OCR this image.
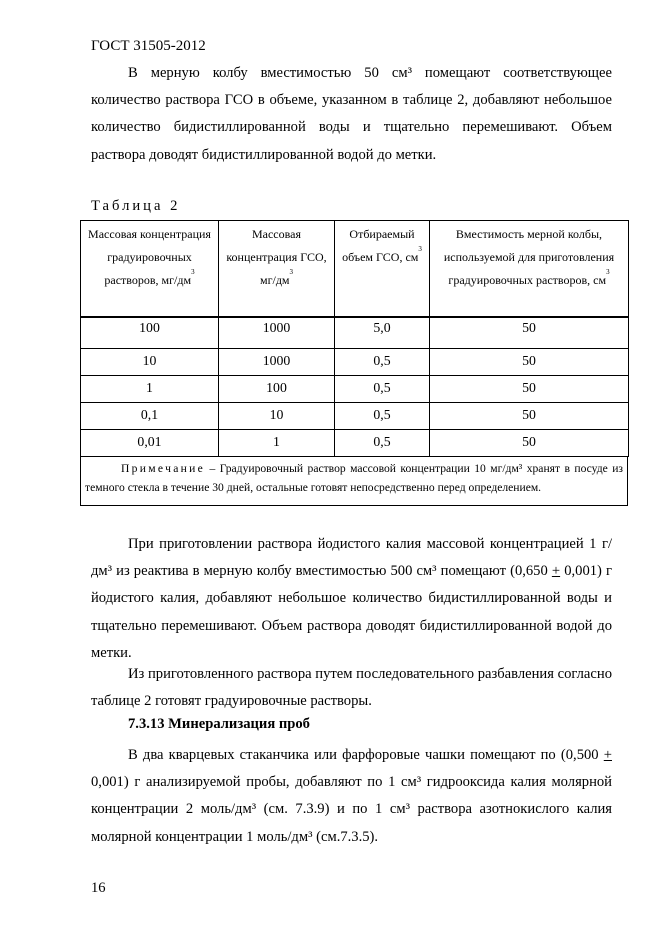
ГОСТ 31505-2012

В мерную колбу вместимостью 50 см³ помещают соответствующее количество раствора ГСО в объеме, указанном в таблице 2, добавляют небольшое количество бидистиллированной воды и тщательно перемешивают. Объем раствора доводят бидистиллированной водой до метки.

Таблица 2
Массовая концентрация градуировочных растворов, $мг/дм^3$	Массовая концентрация ГСО, $мг/дм^3$	Отбираемый объем ГСО, $см^3$	Вместимость мерной колбы, используемой для приготовления градуировочных растворов, $см^3$
100	1000	5,0	50
10	1000	0,5	50
1	100	0,5	50
0,1	10	0,5	50
0,01	1	0,5	50
Примечание – Градуировочный раствор массовой концентрации 10 мг/дм³ хранят в посуде из темного стекла в течение 30 дней, остальные готовят непосредственно перед определением.

При приготовлении раствора йодистого калия массовой концентрацией 1 г/дм³ из реактива в мерную колбу вместимостью 500 см³ помещают (0,650 + 0,001) г йодистого калия, добавляют небольшое количество бидистиллированной воды и тщательно перемешивают. Объем раствора доводят бидистиллированной водой до метки.

Из приготовленного раствора путем последовательного разбавления согласно таблице 2 готовят градуировочные растворы.

7.3.13 Минерализация проб

В два кварцевых стаканчика или фарфоровые чашки помещают по (0,500 + 0,001) г анализируемой пробы, добавляют по 1 см³ гидрооксида калия молярной концентрации 2 моль/дм³ (см. 7.3.9) и по 1 см³ раствора азотнокислого калия молярной концентрации 1 моль/дм³ (см.7.3.5).

16
